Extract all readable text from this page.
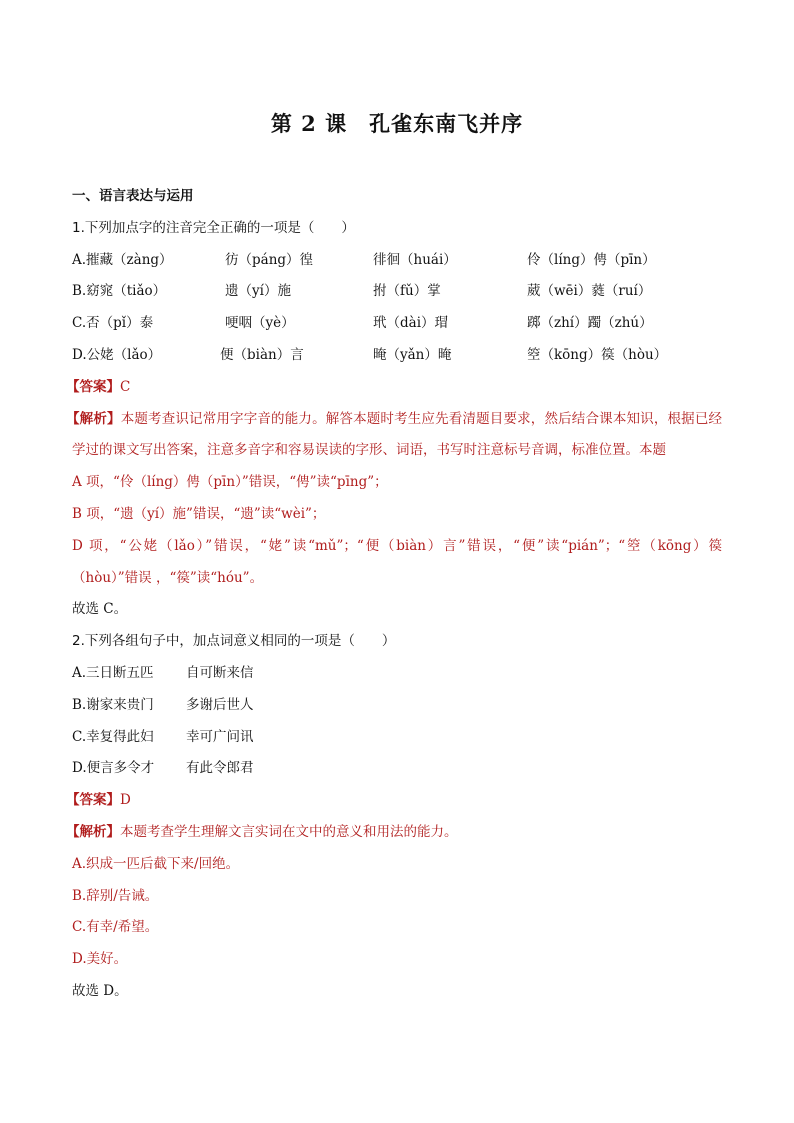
第 2 课　孔雀东南飞并序
一、语言表达与运用
1.下列加点字的注音完全正确的一项是（　　）
A.摧藏（zàng）	彷（páng）徨	徘徊（huái）	伶（líng）俜（pīn）
B.窈窕（tiǎo）	遗（yí）施	拊（fǔ）掌	葳（wēi）蕤（ruí）
C.否（pǐ）泰	哽咽（yè）	玳（dài）瑁	踯（zhí）躅（zhú）
D.公姥（lǎo）	便（biàn）言	晻（yǎn）晻	箜（kōng）篌（hòu）
【答案】C
【解析】本题考查识记常用字字音的能力。解答本题时考生应先看清题目要求，然后结合课本知识，根据已经学过的课文写出答案，注意多音字和容易误读的字形、词语，书写时注意标号音调，标准位置。本题
A 项，“伶（líng）俜（pīn）”错误，“俜”读“pīng”；
B 项，“遗（yí）施”错误，“遗”读“wèi”；
D 项，“公姥（lǎo）”错误，“姥”读“mǔ”；“便（biàn）言”错误，“便”读“pián”；“箜（kōng）篌（hòu）”错误 ，“篌”读“hóu”。
故选 C。
2.下列各组句子中，加点词意义相同的一项是（　　）
A.三日断五匹 自可断来信
B.谢家来贵门 多谢后世人
C.幸复得此妇 幸可广问讯
D.便言多令才 有此令郎君
【答案】D
【解析】本题考查学生理解文言实词在文中的意义和用法的能力。
A.织成一匹后截下来/回绝。
B.辞别/告诫。
C.有幸/希望。
D.美好。
故选 D。
